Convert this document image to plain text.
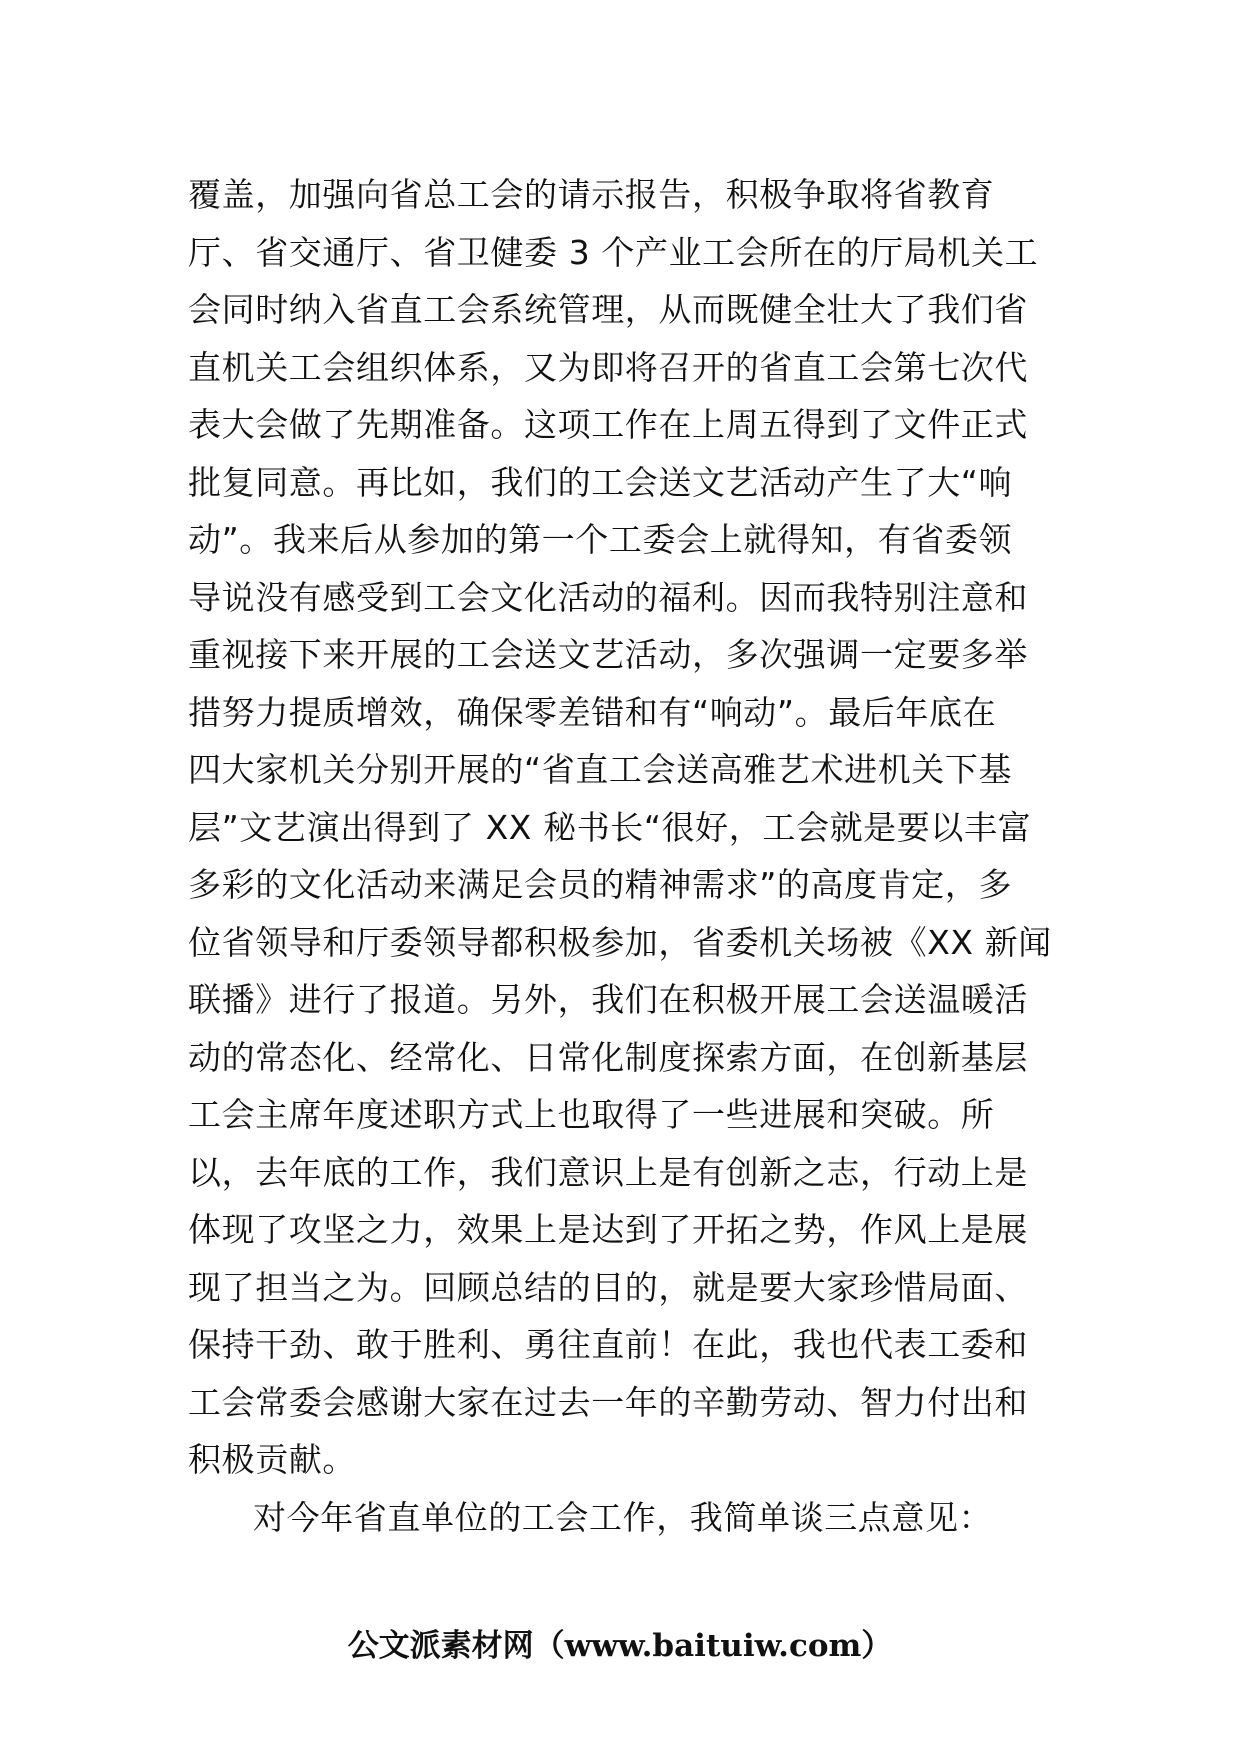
覆盖，加强向省总工会的请示报告，积极争取将省教育
厅、省交通厅、省卫健委 3 个产业工会所在的厅局机关工
会同时纳入省直工会系统管理，从而既健全壮大了我们省
直机关工会组织体系，又为即将召开的省直工会第七次代
表大会做了先期准备。这项工作在上周五得到了文件正式
批复同意。再比如，我们的工会送文艺活动产生了大“响
动”。我来后从参加的第一个工委会上就得知，有省委领
导说没有感受到工会文化活动的福利。因而我特别注意和
重视接下来开展的工会送文艺活动，多次强调一定要多举
措努力提质增效，确保零差错和有“响动”。最后年底在
四大家机关分别开展的“省直工会送高雅艺术进机关下基
层”文艺演出得到了 XX 秘书长“很好，工会就是要以丰富
多彩的文化活动来满足会员的精神需求”的高度肯定，多
位省领导和厅委领导都积极参加，省委机关场被《XX 新闻
联播》进行了报道。另外，我们在积极开展工会送温暖活
动的常态化、经常化、日常化制度探索方面，在创新基层
工会主席年度述职方式上也取得了一些进展和突破。所
以，去年底的工作，我们意识上是有创新之志，行动上是
体现了攻坚之力，效果上是达到了开拓之势，作风上是展
现了担当之为。回顾总结的目的，就是要大家珍惜局面、
保持干劲、敢于胜利、勇往直前！在此，我也代表工委和
工会常委会感谢大家在过去一年的辛勤劳动、智力付出和
积极贡献。
对今年省直单位的工会工作，我简单谈三点意见：
公文派素材网（www.baituiw.com）
